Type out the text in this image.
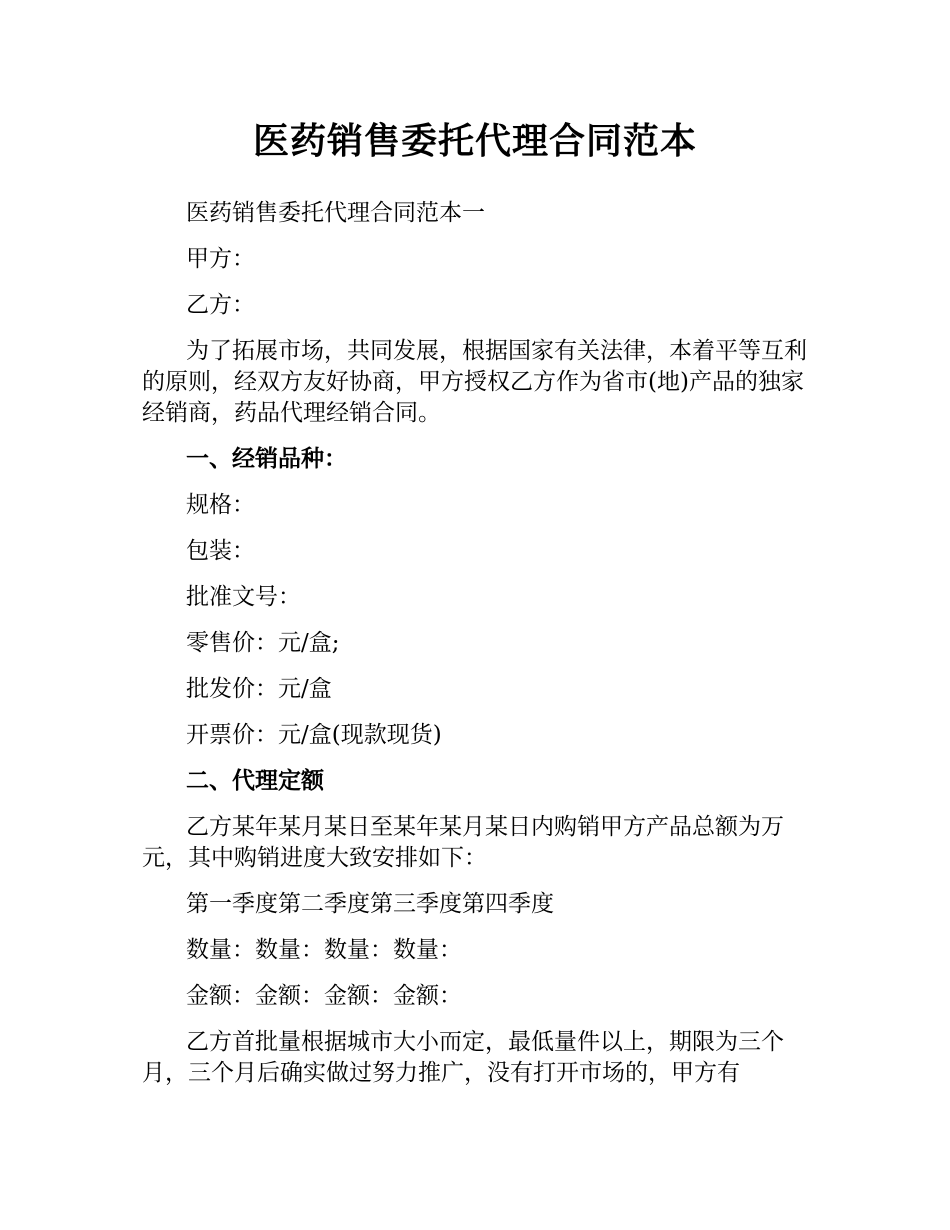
医药销售委托代理合同范本

医药销售委托代理合同范本一

甲方：

乙方：

为了拓展市场，共同发展，根据国家有关法律，本着平等互利的原则，经双方友好协商，甲方授权乙方作为省市(地)产品的独家经销商，药品代理经销合同。

一、经销品种：

规格：

包装：

批准文号：

零售价：元/盒;

批发价：元/盒

开票价：元/盒(现款现货)

二、代理定额

乙方某年某月某日至某年某月某日内购销甲方产品总额为万元，其中购销进度大致安排如下：

第一季度第二季度第三季度第四季度

数量：数量：数量：数量：

金额：金额：金额：金额：

乙方首批量根据城市大小而定，最低量件以上，期限为三个月，三个月后确实做过努力推广，没有打开市场的，甲方有
